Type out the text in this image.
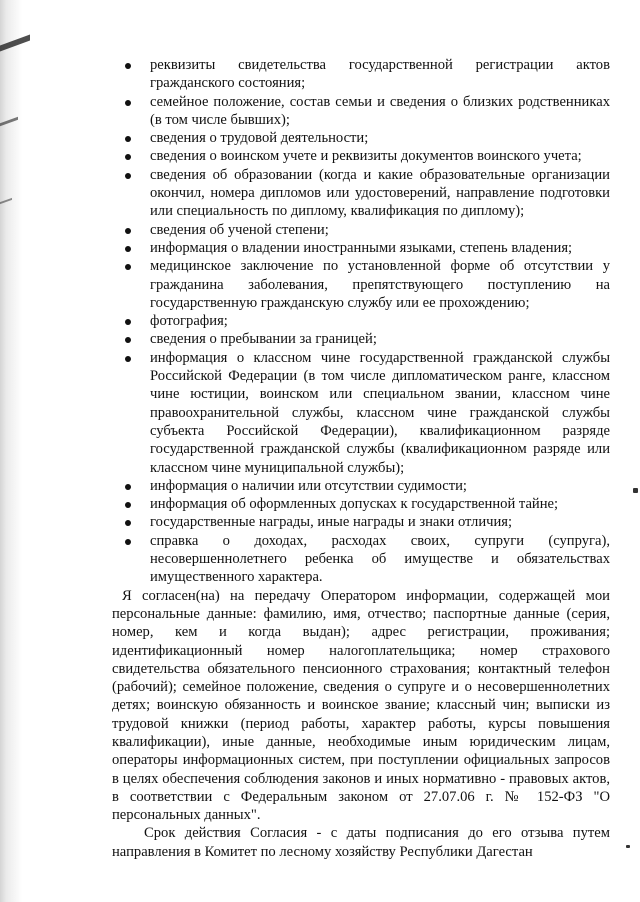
реквизиты свидетельства государственной регистрации актов гражданского состояния;
семейное положение, состав семьи и сведения о близких родственниках (в том числе бывших);
сведения о трудовой деятельности;
сведения о воинском учете и реквизиты документов воинского учета;
сведения об образовании (когда и какие образовательные организации окончил, номера дипломов или удостоверений, направление подготовки или специальность по диплому, квалификация по диплому);
сведения об ученой степени;
информация о владении иностранными языками, степень владения;
медицинское заключение по установленной форме об отсутствии у гражданина заболевания, препятствующего поступлению на государственную гражданскую службу или ее прохождению;
фотография;
сведения о пребывании за границей;
информация о классном чине государственной гражданской службы Российской Федерации (в том числе дипломатическом ранге, классном чине юстиции, воинском или специальном звании, классном чине правоохранительной службы, классном чине гражданской службы субъекта Российской Федерации), квалификационном разряде государственной гражданской службы (квалификационном разряде или классном чине муниципальной службы);
информация о наличии или отсутствии судимости;
информация об оформленных допусках к государственной тайне;
государственные награды, иные награды и знаки отличия;
справка о доходах, расходах своих, супруги (супруга), несовершеннолетнего ребенка об имуществе и обязательствах имущественного характера.

Я согласен(на) на передачу Оператором информации, содержащей мои персональные данные: фамилию, имя, отчество; паспортные данные (серия, номер, кем и когда выдан); адрес регистрации, проживания; идентификационный номер налогоплательщика; номер страхового свидетельства обязательного пенсионного страхования; контактный телефон (рабочий); семейное положение, сведения о супруге и о несовершеннолетних детях; воинскую обязанность и воинское звание; классный чин; выписки из трудовой книжки (период работы, характер работы, курсы повышения квалификации), иные данные, необходимые иным юридическим лицам, операторы информационных систем, при поступлении официальных запросов в целях обеспечения соблюдения законов и иных нормативно - правовых актов, в соответствии с Федеральным законом от 27.07.06 г. № 152-ФЗ "О персональных данных".

Срок действия Согласия - с даты подписания до его отзыва путем направления в Комитет по лесному хозяйству Республики Дагестан
